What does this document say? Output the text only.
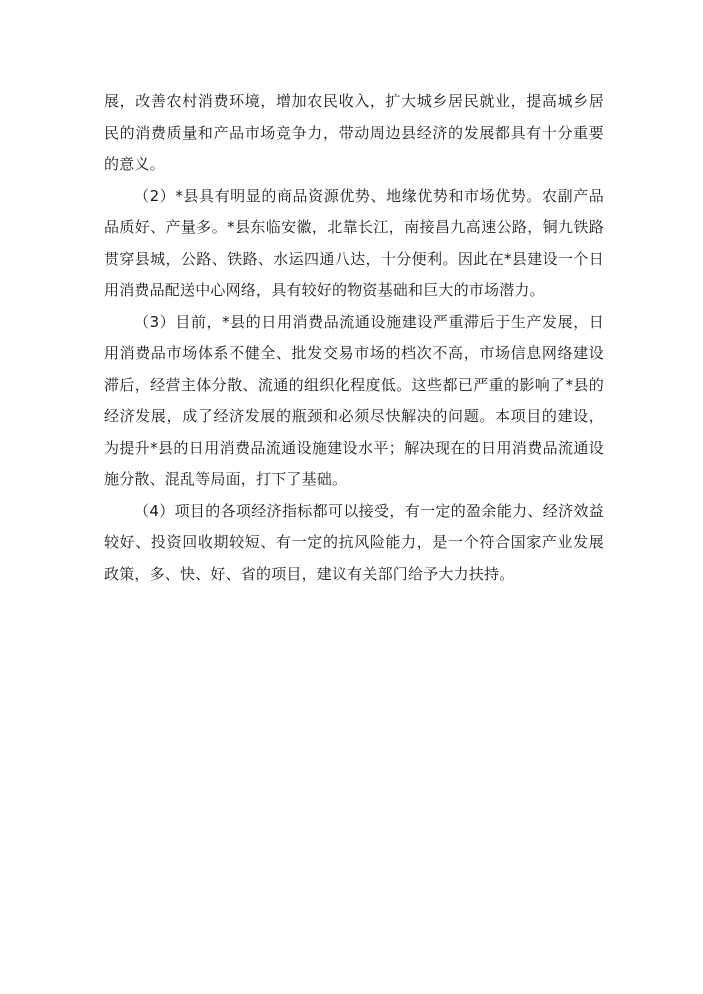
展，改善农村消费环境，增加农民收入，扩大城乡居民就业，提高城乡居民的消费质量和产品市场竞争力，带动周边县经济的发展都具有十分重要的意义。

（2）*县具有明显的商品资源优势、地缘优势和市场优势。农副产品品质好、产量多。*县东临安徽，北靠长江，南接昌九高速公路，铜九铁路贯穿县城，公路、铁路、水运四通八达，十分便利。因此在*县建设一个日用消费品配送中心网络，具有较好的物资基础和巨大的市场潜力。

（3）目前，*县的日用消费品流通设施建设严重滞后于生产发展，日用消费品市场体系不健全、批发交易市场的档次不高，市场信息网络建设滞后，经营主体分散、流通的组织化程度低。这些都已严重的影响了*县的经济发展，成了经济发展的瓶颈和必须尽快解决的问题。本项目的建设，为提升*县的日用消费品流通设施建设水平；解决现在的日用消费品流通设施分散、混乱等局面，打下了基础。

（4）项目的各项经济指标都可以接受，有一定的盈余能力、经济效益较好、投资回收期较短、有一定的抗风险能力，是一个符合国家产业发展政策，多、快、好、省的项目，建议有关部门给予大力扶持。
